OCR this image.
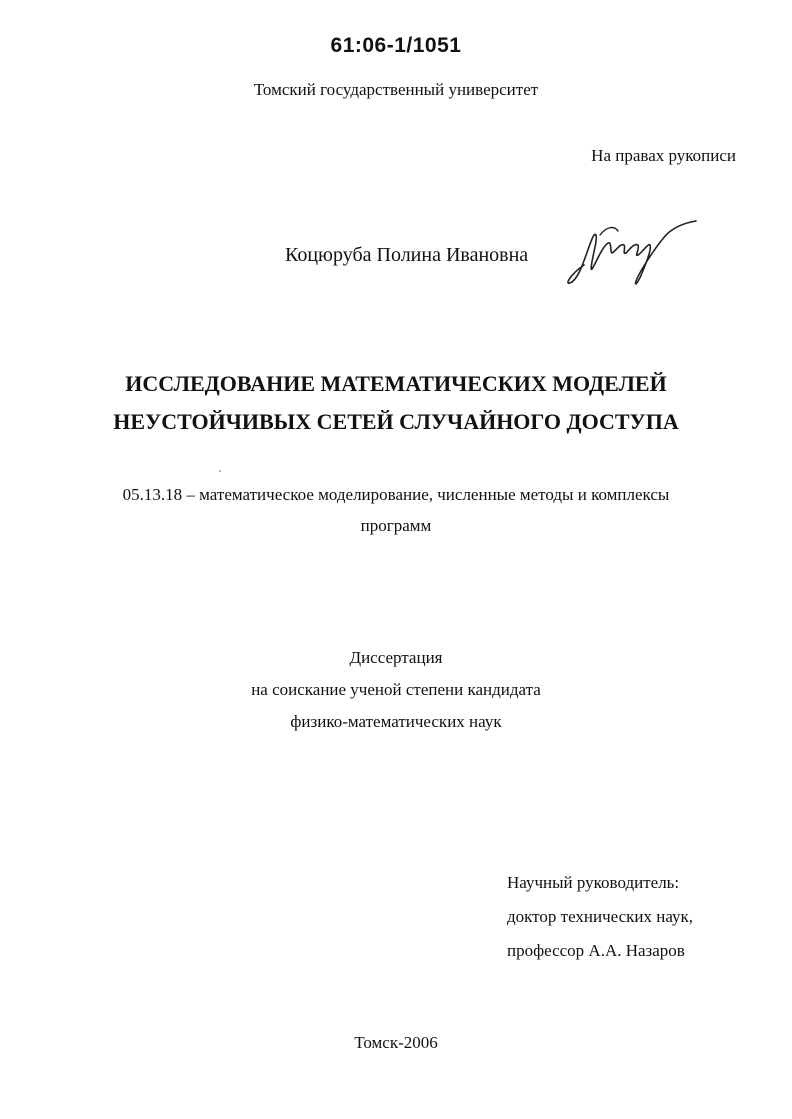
61:06-1/1051
Томский государственный университет
На правах рукописи
Коцюруба Полина Ивановна
ИССЛЕДОВАНИЕ МАТЕМАТИЧЕСКИХ МОДЕЛЕЙ
НЕУСТОЙЧИВЫХ СЕТЕЙ СЛУЧАЙНОГО ДОСТУПА
05.13.18 – математическое моделирование, численные методы и комплексы
программ
Диссертация
на соискание ученой степени кандидата
физико-математических наук
Научный руководитель:
доктор технических наук,
профессор А.А. Назаров
Томск-2006
